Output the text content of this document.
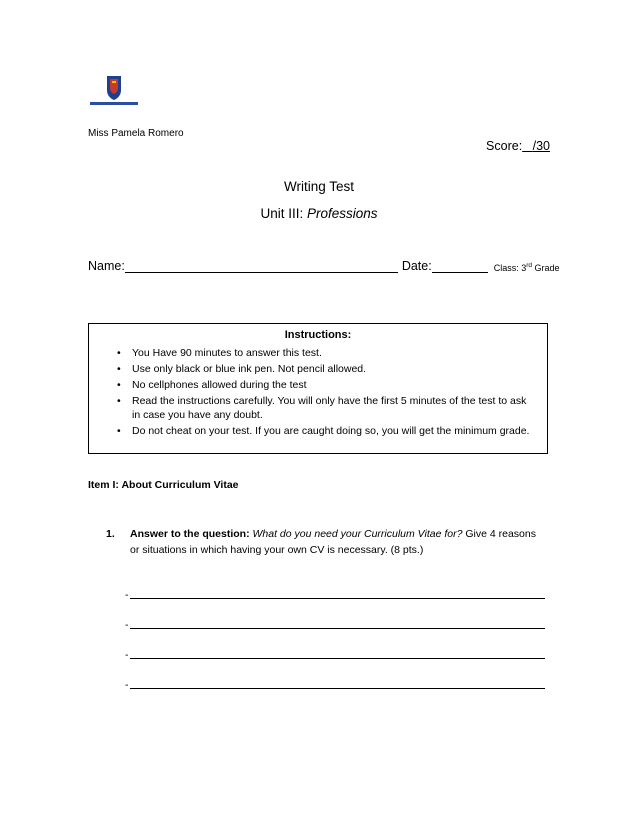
Miss Pamela Romero
Score: /30
Writing Test
Unit III: Professions
Name:	Date:	Class: 3rd Grade
Instructions:
• You Have 90 minutes to answer this test.
• Use only black or blue ink pen. Not pencil allowed.
• No cellphones allowed during the test
• Read the instructions carefully. You will only have the first 5 minutes of the test to ask in case you have any doubt.
• Do not cheat on your test. If you are caught doing so, you will get the minimum grade.
Item I: About Curriculum Vitae
1.	Answer to the question: What do you need your Curriculum Vitae for? Give 4 reasons or situations in which having your own CV is necessary. (8 pts.)
-
-
-
-
